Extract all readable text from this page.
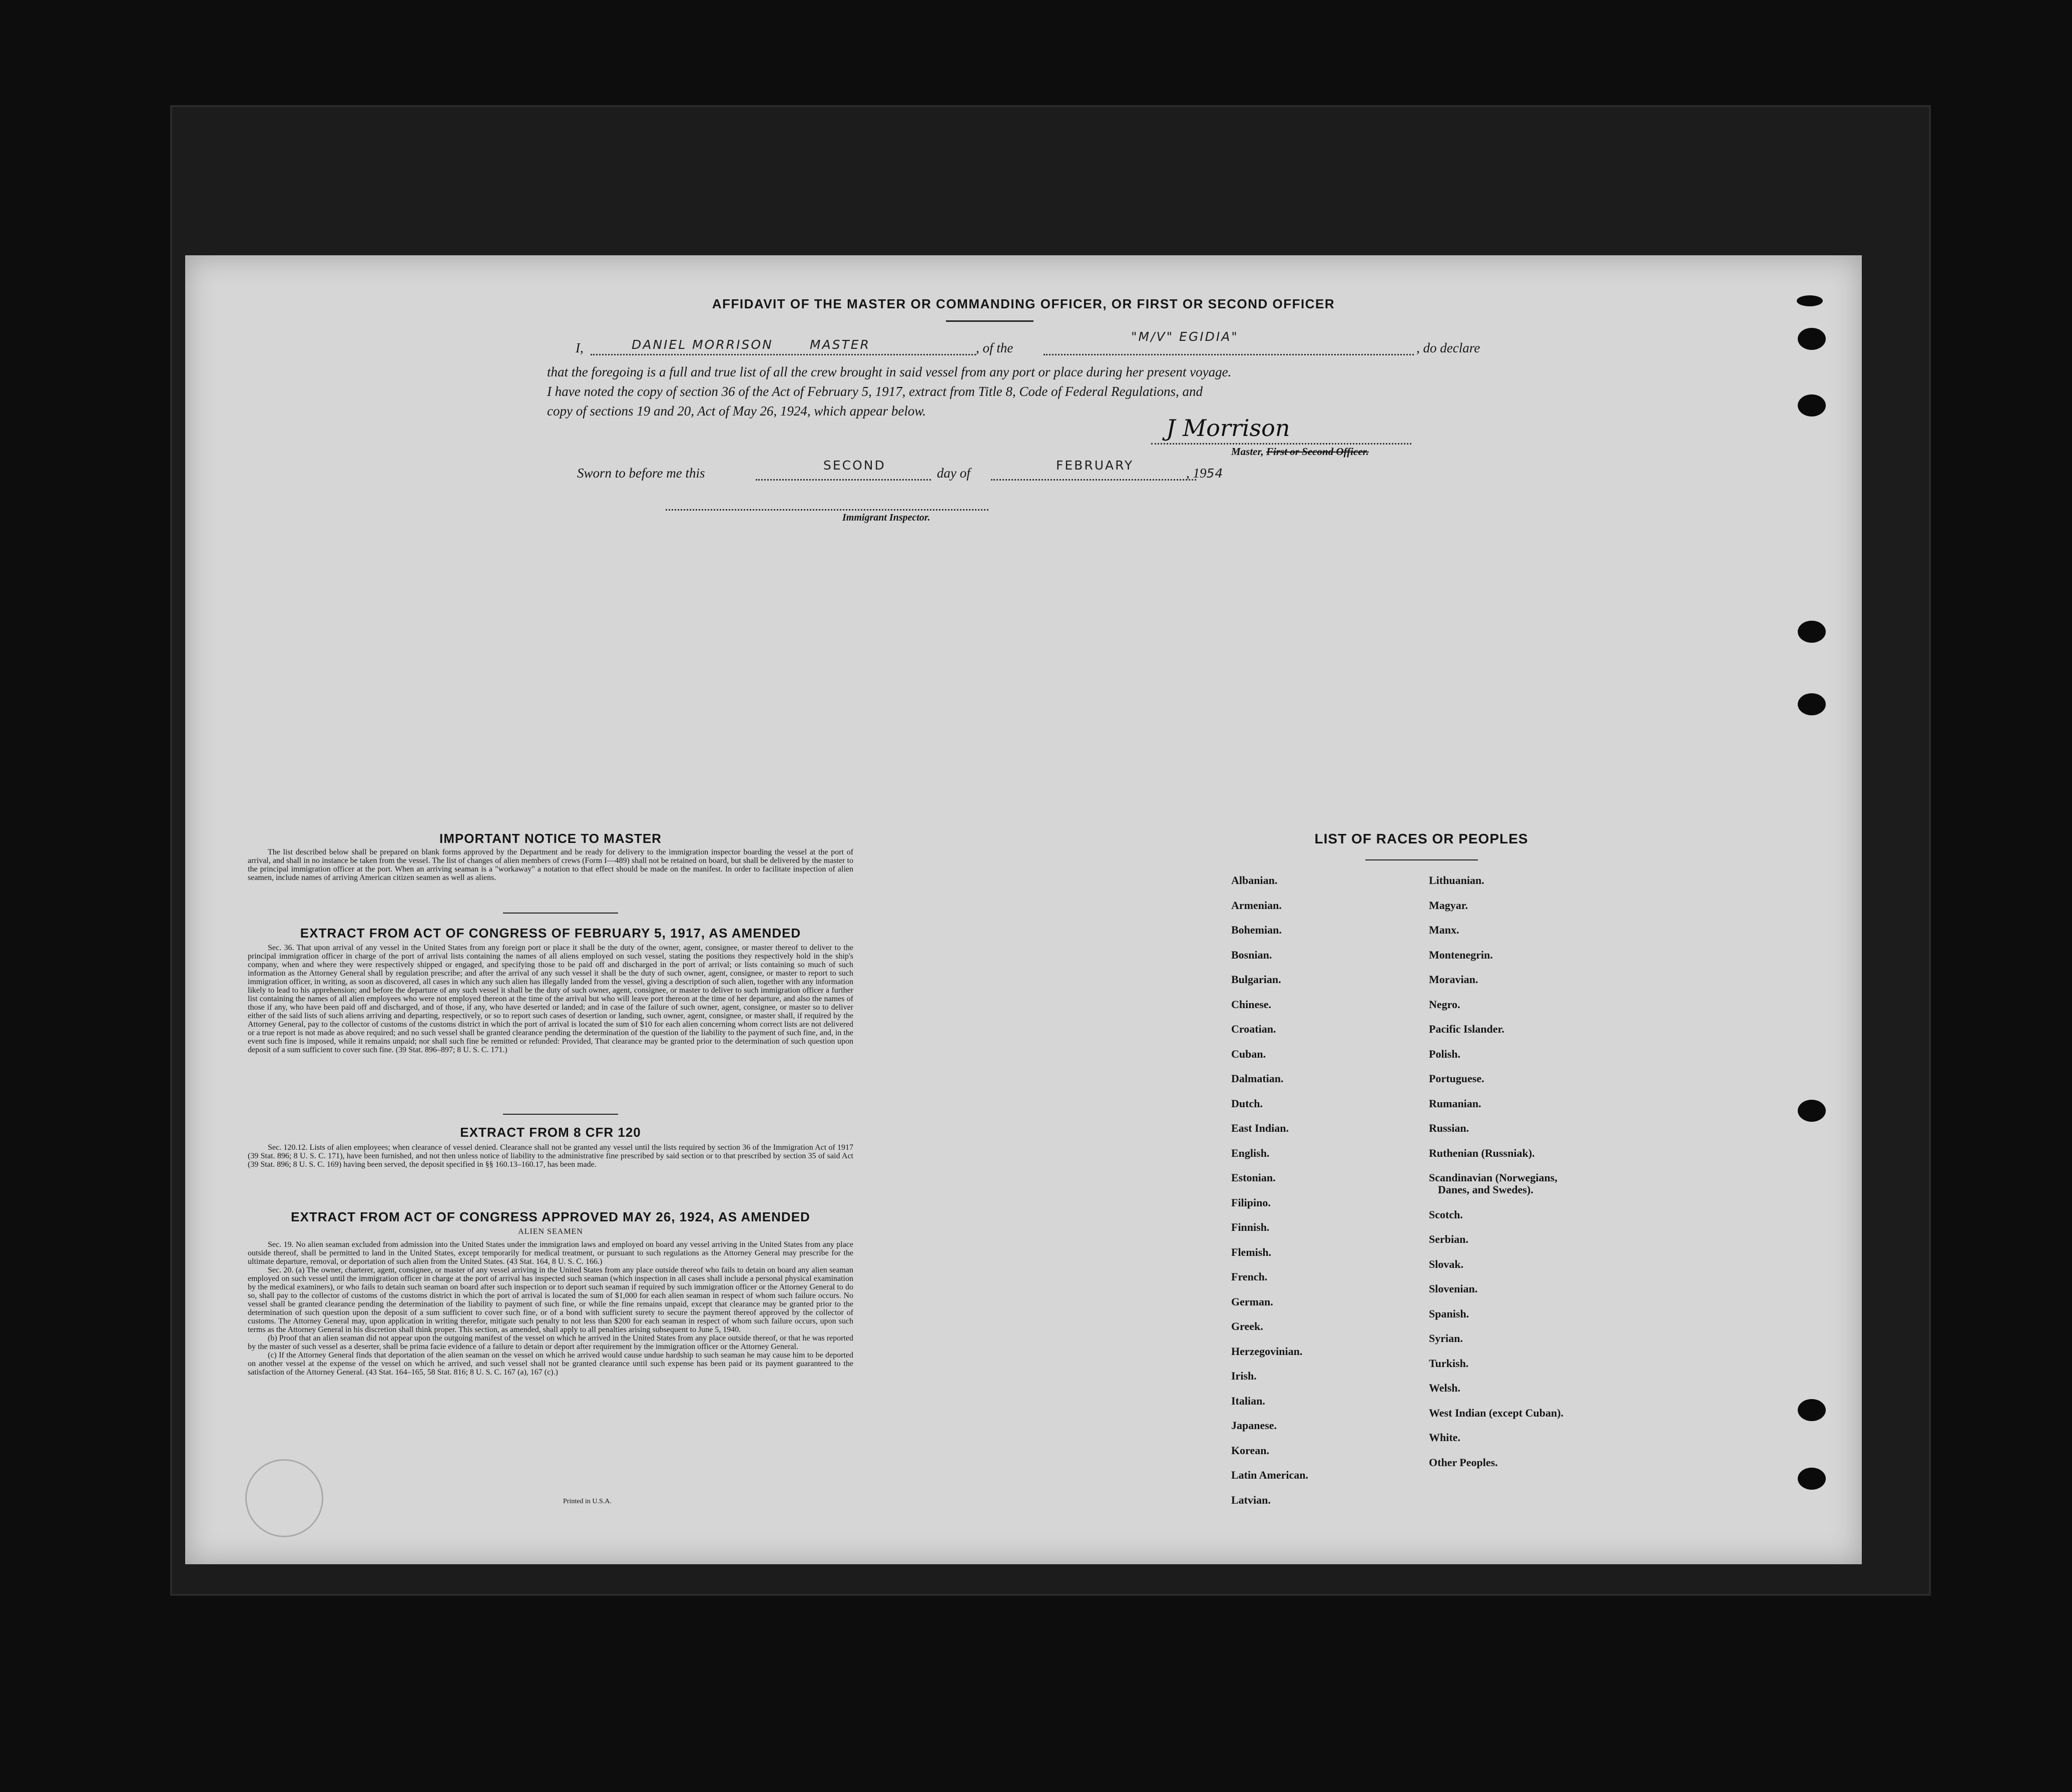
AFFIDAVIT OF THE MASTER OR COMMANDING OFFICER, OR FIRST OR SECOND OFFICER
I,	DANIEL MORRISON	MASTER	, of the
"M/V" EGIDIA"
, do declare
that the foregoing is a full and true list of all the crew brought in said vessel from any port or place during her present voyage.
I have noted the copy of section 36 of the Act of February 5, 1917, extract from Title 8, Code of Federal Regulations, and
copy of sections 19 and 20, Act of May 26, 1924, which appear below.
J Morrison
Master, First or Second Officer.
Sworn to before me this
SECOND
day of
FEBRUARY
, 1954
Immigrant Inspector.
IMPORTANT NOTICE TO MASTER

The list described below shall be prepared on blank forms approved by the Department and be ready for delivery to the immigration inspector boarding the vessel at the port of arrival, and shall in no instance be taken from the vessel. The list of changes of alien members of crews (Form I—489) shall not be retained on board, but shall be delivered by the master to the principal immigration officer at the port. When an arriving seaman is a "workaway" a notation to that effect should be made on the manifest. In order to facilitate inspection of alien seamen, include names of arriving American citizen seamen as well as aliens.

EXTRACT FROM ACT OF CONGRESS OF FEBRUARY 5, 1917, AS AMENDED

Sec. 36. That upon arrival of any vessel in the United States from any foreign port or place it shall be the duty of the owner, agent, consignee, or master thereof to deliver to the principal immigration officer in charge of the port of arrival lists containing the names of all aliens employed on such vessel, stating the positions they respectively hold in the ship's company, when and where they were respectively shipped or engaged, and specifying those to be paid off and discharged in the port of arrival; or lists containing so much of such information as the Attorney General shall by regulation prescribe; and after the arrival of any such vessel it shall be the duty of such owner, agent, consignee, or master to report to such immigration officer, in writing, as soon as discovered, all cases in which any such alien has illegally landed from the vessel, giving a description of such alien, together with any information likely to lead to his apprehension; and before the departure of any such vessel it shall be the duty of such owner, agent, consignee, or master to deliver to such immigration officer a further list containing the names of all alien employees who were not employed thereon at the time of the arrival but who will leave port thereon at the time of her departure, and also the names of those if any, who have been paid off and discharged, and of those, if any, who have deserted or landed; and in case of the failure of such owner, agent, consignee, or master so to deliver either of the said lists of such aliens arriving and departing, respectively, or so to report such cases of desertion or landing, such owner, agent, consignee, or master shall, if required by the Attorney General, pay to the collector of customs of the customs district in which the port of arrival is located the sum of $10 for each alien concerning whom correct lists are not delivered or a true report is not made as above required; and no such vessel shall be granted clearance pending the determination of the question of the liability to the payment of such fine, and, in the event such fine is imposed, while it remains unpaid; nor shall such fine be remitted or refunded: Provided, That clearance may be granted prior to the determination of such question upon deposit of a sum sufficient to cover such fine. (39 Stat. 896–897; 8 U. S. C. 171.)

EXTRACT FROM 8 CFR 120

Sec. 120.12. Lists of alien employees; when clearance of vessel denied. Clearance shall not be granted any vessel until the lists required by section 36 of the Immigration Act of 1917 (39 Stat. 896; 8 U. S. C. 171), have been furnished, and not then unless notice of liability to the administrative fine prescribed by said section or to that prescribed by section 35 of said Act (39 Stat. 896; 8 U. S. C. 169) having been served, the deposit specified in §§ 160.13–160.17, has been made.

EXTRACT FROM ACT OF CONGRESS APPROVED MAY 26, 1924, AS AMENDED
ALIEN SEAMEN

Sec. 19. No alien seaman excluded from admission into the United States under the immigration laws and employed on board any vessel arriving in the United States from any place outside thereof, shall be permitted to land in the United States, except temporarily for medical treatment, or pursuant to such regulations as the Attorney General may prescribe for the ultimate departure, removal, or deportation of such alien from the United States. (43 Stat. 164, 8 U. S. C. 166.)

Sec. 20. (a) The owner, charterer, agent, consignee, or master of any vessel arriving in the United States from any place outside thereof who fails to detain on board any alien seaman employed on such vessel until the immigration officer in charge at the port of arrival has inspected such seaman (which inspection in all cases shall include a personal physical examination by the medical examiners), or who fails to detain such seaman on board after such inspection or to deport such seaman if required by such immigration officer or the Attorney General to do so, shall pay to the collector of customs of the customs district in which the port of arrival is located the sum of $1,000 for each alien seaman in respect of whom such failure occurs. No vessel shall be granted clearance pending the determination of the liability to payment of such fine, or while the fine remains unpaid, except that clearance may be granted prior to the determination of such question upon the deposit of a sum sufficient to cover such fine, or of a bond with sufficient surety to secure the payment thereof approved by the collector of customs. The Attorney General may, upon application in writing therefor, mitigate such penalty to not less than $200 for each seaman in respect of whom such failure occurs, upon such terms as the Attorney General in his discretion shall think proper. This section, as amended, shall apply to all penalties arising subsequent to June 5, 1940.

(b) Proof that an alien seaman did not appear upon the outgoing manifest of the vessel on which he arrived in the United States from any place outside thereof, or that he was reported by the master of such vessel as a deserter, shall be prima facie evidence of a failure to detain or deport after requirement by the immigration officer or the Attorney General.

(c) If the Attorney General finds that deportation of the alien seaman on the vessel on which he arrived would cause undue hardship to such seaman he may cause him to be deported on another vessel at the expense of the vessel on which he arrived, and such vessel shall not be granted clearance until such expense has been paid or its payment guaranteed to the satisfaction of the Attorney General. (43 Stat. 164–165, 58 Stat. 816; 8 U. S. C. 167 (a), 167 (c).)

Printed in U.S.A.
LIST OF RACES OR PEOPLES
Albanian.
Armenian.
Bohemian.
Bosnian.
Bulgarian.
Chinese.
Croatian.
Cuban.
Dalmatian.
Dutch.
East Indian.
English.
Estonian.
Filipino.
Finnish.
Flemish.
French.
German.
Greek.
Herzegovinian.
Irish.
Italian.
Japanese.
Korean.
Latin American.
Latvian.
Lithuanian.
Magyar.
Manx.
Montenegrin.
Moravian.
Negro.
Pacific Islander.
Polish.
Portuguese.
Rumanian.
Russian.
Ruthenian (Russniak).
Scandinavian (Norwegians,
Danes, and Swedes).
Scotch.
Serbian.
Slovak.
Slovenian.
Spanish.
Syrian.
Turkish.
Welsh.
West Indian (except Cuban).
White.
Other Peoples.
